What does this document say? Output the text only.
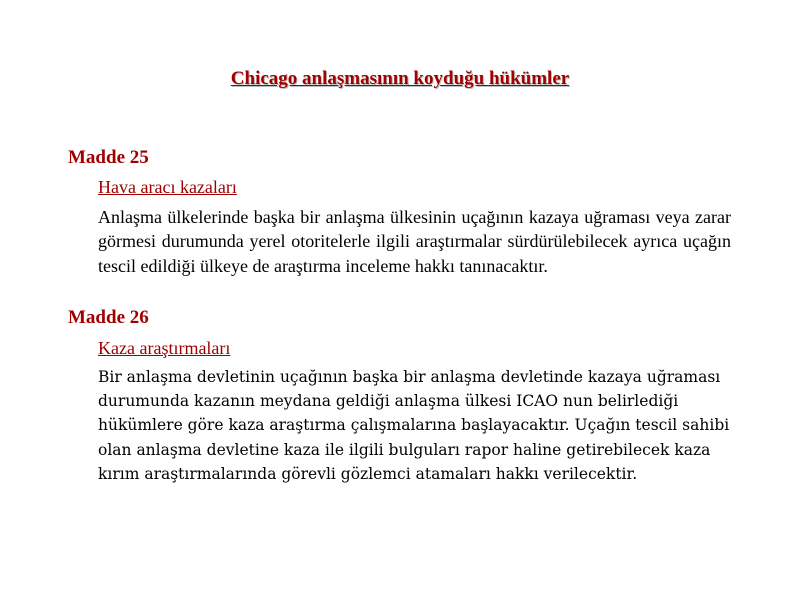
Chicago anlaşmasının koyduğu hükümler
Madde 25
Hava aracı kazaları
Anlaşma ülkelerinde başka bir anlaşma ülkesinin uçağının kazaya uğraması veya zarar görmesi durumunda yerel otoritelerle ilgili araştırmalar sürdürülebilecek ayrıca uçağın tescil edildiği ülkeye de araştırma inceleme hakkı tanınacaktır.
Madde 26
Kaza araştırmaları
Bir anlaşma devletinin uçağının başka bir anlaşma devletinde kazaya uğraması durumunda kazanın meydana geldiği anlaşma ülkesi ICAO nun belirlediği hükümlere göre kaza araştırma çalışmalarına başlayacaktır. Uçağın tescil sahibi olan anlaşma devletine kaza ile ilgili bulguları rapor haline getirebilecek kaza kırım araştırmalarında görevli gözlemci atamaları hakkı verilecektir.
